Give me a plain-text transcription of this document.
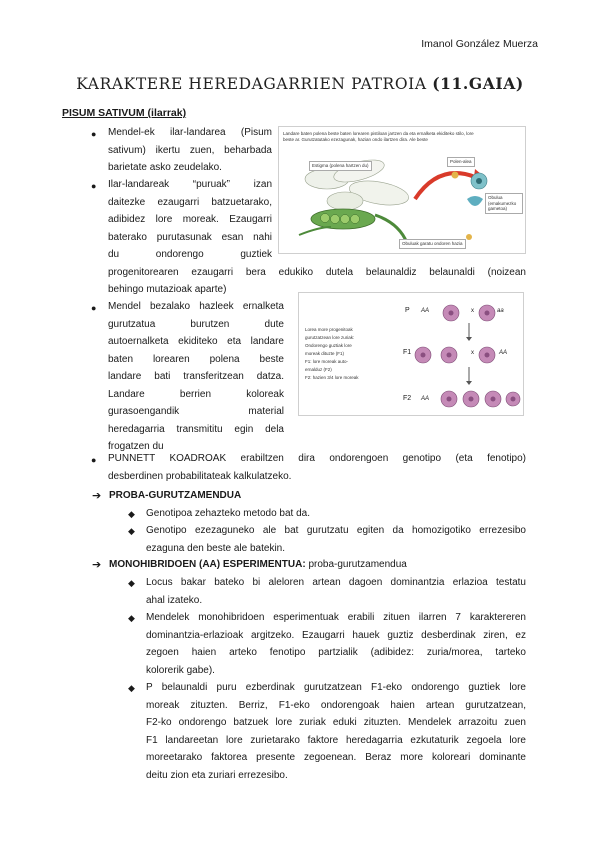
Imanol González Muerza
KARAKTERE HEREDAGARRIEN PATROIA (11.GAIA)
PISUM SATIVUM (ilarrak)
● Mendel-ek ilar-landarea (Pisum
sativum) ikertu zuen, beharbada
barietate asko zeudelako.
● Ilar-landareak “puruak” izan
daitezke ezaugarri batzuetarako,
adibidez lore moreak. Ezaugarri
baterako purutasunak esan nahi
du ondorengo guztiek
progenitorearen ezaugarri bera edukiko dutela belaunaldiz belaunaldi (noizean
behingo mutazioak aparte)
Landare baten polena beste baten lorearen pistiloan jartzen da eta ernalketa ekiditeko stilo, lore
beste ar. Gurutzatutako ezezagunak, hazian ondo ilartzen dira. Ale beste
Estigma (polena hartzen du)
Polen-alea
Obulua (emakumezko gametoa)
Obuluak garatu ondoren hazia
● Mendel bezalako hazleek ernalketa
gurutzatua burutzen dute
autoernalketa ekiditeko eta landare
baten lorearen polena beste
landare bati transferitzean datza.
Landare berrien koloreak
gurasoengandik material
heredagarria transmititu egin dela
frogatzen du
Lorea more progenitoak
gurutzatzean lore zuriak:
Ondorengo guztiak lore
moreak dituzte (F1)
F1: lore moreak auto-
ernalduz (F2)
F2: hazien 3/4 lore moreak
P AA	x	aa
F1	x	AA
F2 AA
● PUNNETT KOADROAK erabiltzen dira ondorengoen genotipo (eta fenotipo)
desberdinen probabilitateak kalkulatzeko.
➔ PROBA-GURUTZAMENDUA
◆ Genotipoa zehazteko metodo bat da.
◆ Genotipo ezezaguneko ale bat gurutzatu egiten da homozigotiko errezesibo
ezaguna den beste ale batekin.
➔ MONOHIBRIDOEN (AA) ESPERIMENTUA: proba-gurutzamendua
◆ Locus bakar bateko bi aleloren artean dagoen dominantzia erlazioa testatu
ahal izateko.
◆ Mendelek monohibridoen esperimentuak erabili zituen ilarren 7 karaktereren
dominantzia-erlazioak argitzeko. Ezaugarri hauek guztiz desberdinak ziren, ez
zegoen haien arteko fenotipo partzialik (adibidez: zuria/morea, tarteko
kolorerik gabe).
◆ P belaunaldi puru ezberdinak gurutzatzean F1-eko ondorengo guztiek lore
moreak zituzten. Berriz, F1-eko ondorengoak haien artean gurutzatzean,
F2-ko ondorengo batzuek lore zuriak eduki zituzten. Mendelek arrazoitu zuen
F1 landareetan lore zurietarako faktore heredagarria ezkutaturik zegoela lore
moreetarako faktorea presente zegoenean. Beraz more koloreari dominante
deitu zion eta zuriari errezesibo.
